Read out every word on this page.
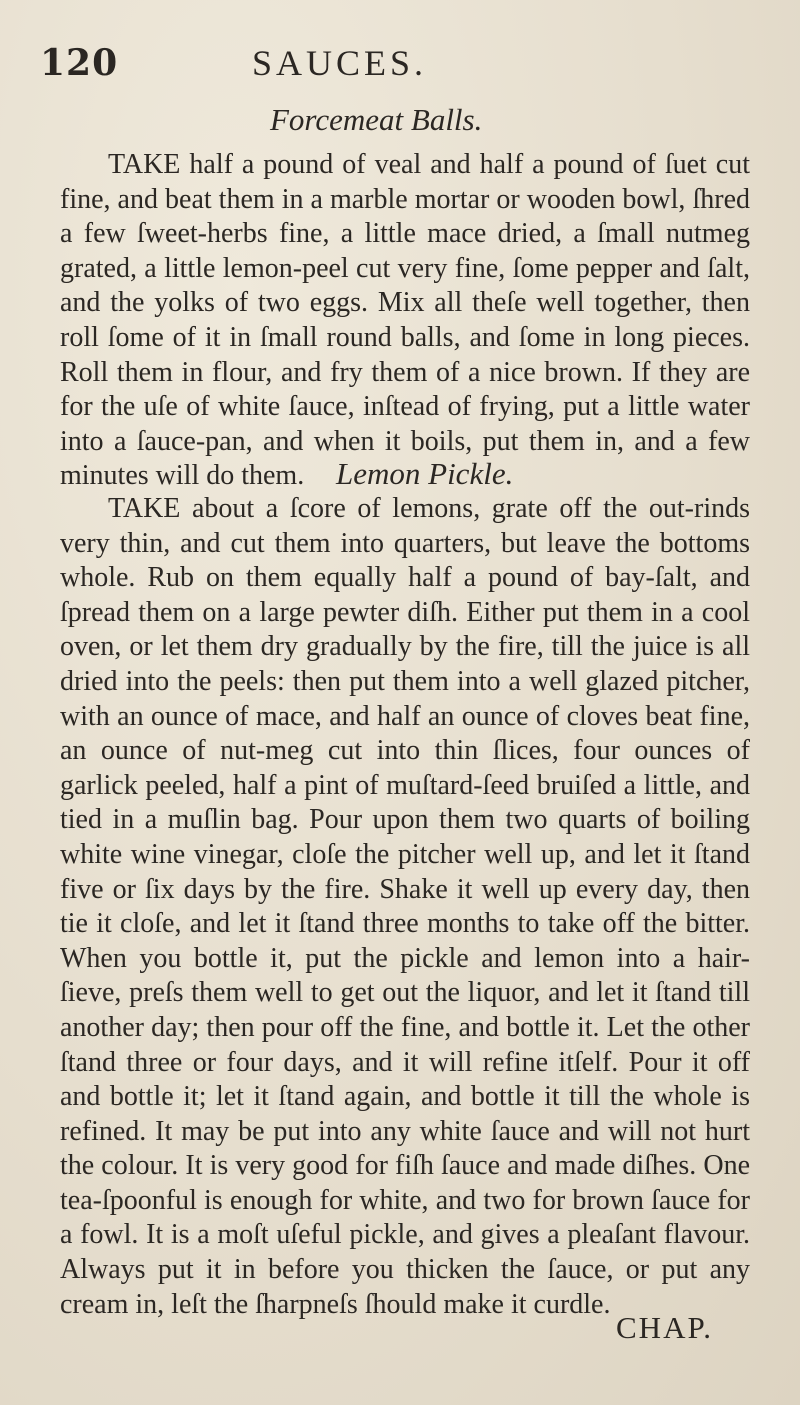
120	SAUCES.
Forcemeat Balls.
TAKE half a pound of veal and half a pound of ſuet cut fine, and beat them in a marble mortar or wooden bowl, ſhred a few ſweet-herbs fine, a little mace dried, a ſmall nutmeg grated, a little lemon-peel cut very fine, ſome pepper and ſalt, and the yolks of two eggs. Mix all theſe well together, then roll ſome of it in ſmall round balls, and ſome in long pieces. Roll them in flour, and fry them of a nice brown. If they are for the uſe of white ſauce, inſtead of frying, put a little water into a ſauce-pan, and when it boils, put them in, and a few minutes will do them.	Lemon Pickle.
TAKE about a ſcore of lemons, grate off the out-rinds very thin, and cut them into quarters, but leave the bottoms whole. Rub on them equally half a pound of bay-ſalt, and ſpread them on a large pewter diſh. Either put them in a cool oven, or let them dry gradually by the fire, till the juice is all dried into the peels: then put them into a well glazed pitcher, with an ounce of mace, and half an ounce of cloves beat fine, an ounce of nut-meg cut into thin ſlices, four ounces of garlick peeled, half a pint of muſtard-ſeed bruiſed a little, and tied in a muſlin bag. Pour upon them two quarts of boiling white wine vinegar, cloſe the pitcher well up, and let it ſtand five or ſix days by the fire. Shake it well up every day, then tie it cloſe, and let it ſtand three months to take off the bitter. When you bottle it, put the pickle and lemon into a hair-ſieve, preſs them well to get out the liquor, and let it ſtand till another day; then pour off the fine, and bottle it. Let the other ſtand three or four days, and it will refine itſelf. Pour it off and bottle it; let it ſtand again, and bottle it till the whole is refined. It may be put into any white ſauce and will not hurt the colour. It is very good for fiſh ſauce and made diſhes. One tea-ſpoonful is enough for white, and two for brown ſauce for a fowl. It is a moſt uſeful pickle, and gives a pleaſant flavour. Always put it in before you thicken the ſauce, or put any cream in, leſt the ſharpneſs ſhould make it curdle.
CHAP.
